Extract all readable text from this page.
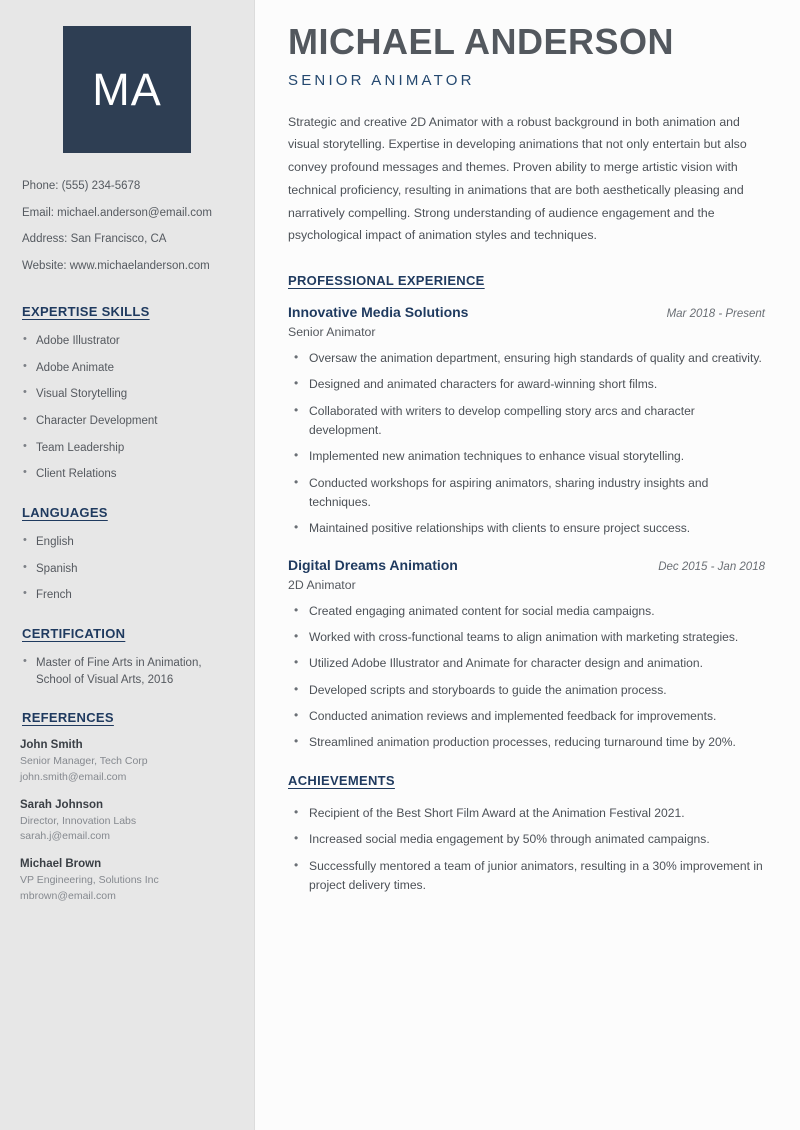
MA
Phone: (555) 234-5678
Email: michael.anderson@email.com
Address: San Francisco, CA
Website: www.michaelanderson.com
EXPERTISE SKILLS
• Adobe Illustrator
• Adobe Animate
• Visual Storytelling
• Character Development
• Team Leadership
• Client Relations
LANGUAGES
• English
• Spanish
• French
CERTIFICATION
• Master of Fine Arts in Animation, School of Visual Arts, 2016
REFERENCES
John Smith
Senior Manager, Tech Corp
john.smith@email.com
Sarah Johnson
Director, Innovation Labs
sarah.j@email.com
Michael Brown
VP Engineering, Solutions Inc
mbrown@email.com
MICHAEL ANDERSON
SENIOR ANIMATOR

Strategic and creative 2D Animator with a robust background in both animation and visual storytelling. Expertise in developing animations that not only entertain but also convey profound messages and themes. Proven ability to merge artistic vision with technical proficiency, resulting in animations that are both aesthetically pleasing and narratively compelling. Strong understanding of audience engagement and the psychological impact of animation styles and techniques.

PROFESSIONAL EXPERIENCE
Innovative Media Solutions	Mar 2018 - Present
Senior Animator
• Oversaw the animation department, ensuring high standards of quality and creativity.
• Designed and animated characters for award-winning short films.
• Collaborated with writers to develop compelling story arcs and character development.
• Implemented new animation techniques to enhance visual storytelling.
• Conducted workshops for aspiring animators, sharing industry insights and techniques.
• Maintained positive relationships with clients to ensure project success.
Digital Dreams Animation	Dec 2015 - Jan 2018
2D Animator
• Created engaging animated content for social media campaigns.
• Worked with cross-functional teams to align animation with marketing strategies.
• Utilized Adobe Illustrator and Animate for character design and animation.
• Developed scripts and storyboards to guide the animation process.
• Conducted animation reviews and implemented feedback for improvements.
• Streamlined animation production processes, reducing turnaround time by 20%.
ACHIEVEMENTS
• Recipient of the Best Short Film Award at the Animation Festival 2021.
• Increased social media engagement by 50% through animated campaigns.
• Successfully mentored a team of junior animators, resulting in a 30% improvement in project delivery times.
